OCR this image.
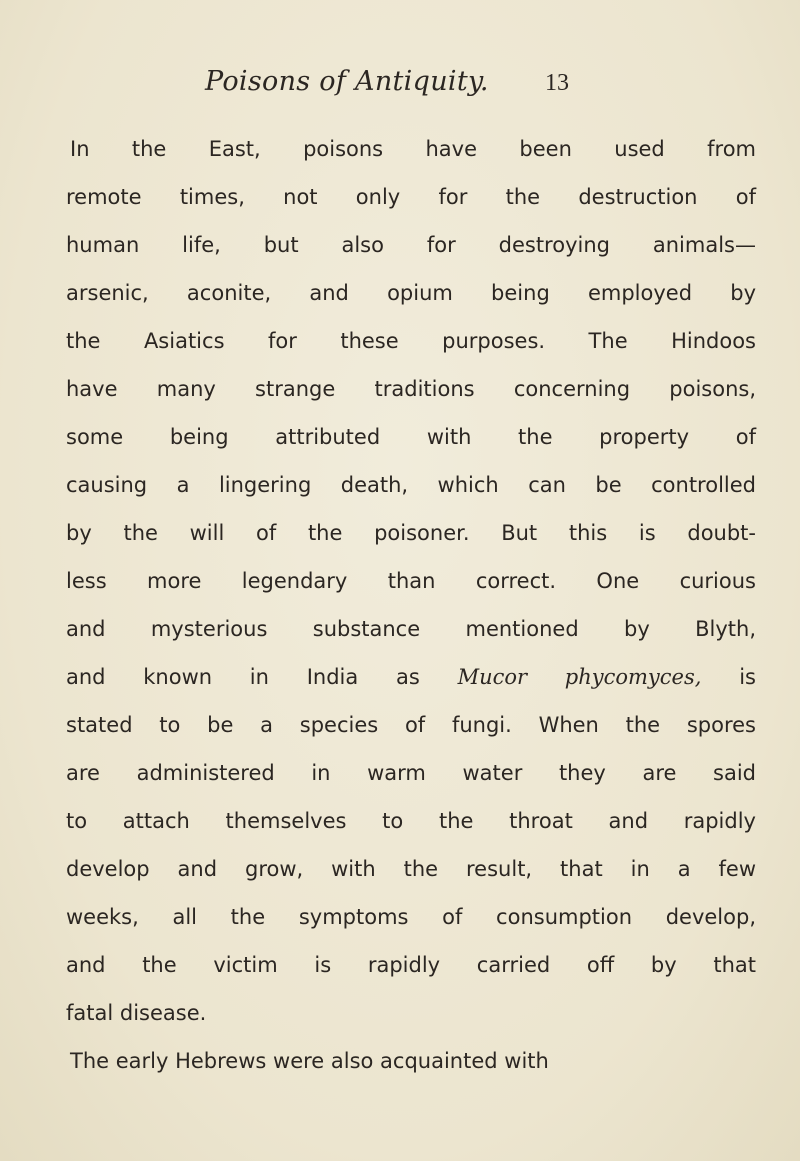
Poisons of Antiquity. 13
In the East, poisons have been used from
remote times, not only for the destruction of
human life, but also for destroying animals—
arsenic, aconite, and opium being employed by
the Asiatics for these purposes. The Hindoos
have many strange traditions concerning poisons,
some being attributed with the property of
causing a lingering death, which can be controlled
by the will of the poisoner. But this is doubt-
less more legendary than correct. One curious
and mysterious substance mentioned by Blyth,
and known in India as Mucor phycomyces, is
stated to be a species of fungi. When the spores
are administered in warm water they are said
to attach themselves to the throat and rapidly
develop and grow, with the result, that in a few
weeks, all the symptoms of consumption develop,
and the victim is rapidly carried off by that
fatal disease.
The early Hebrews were also acquainted with
